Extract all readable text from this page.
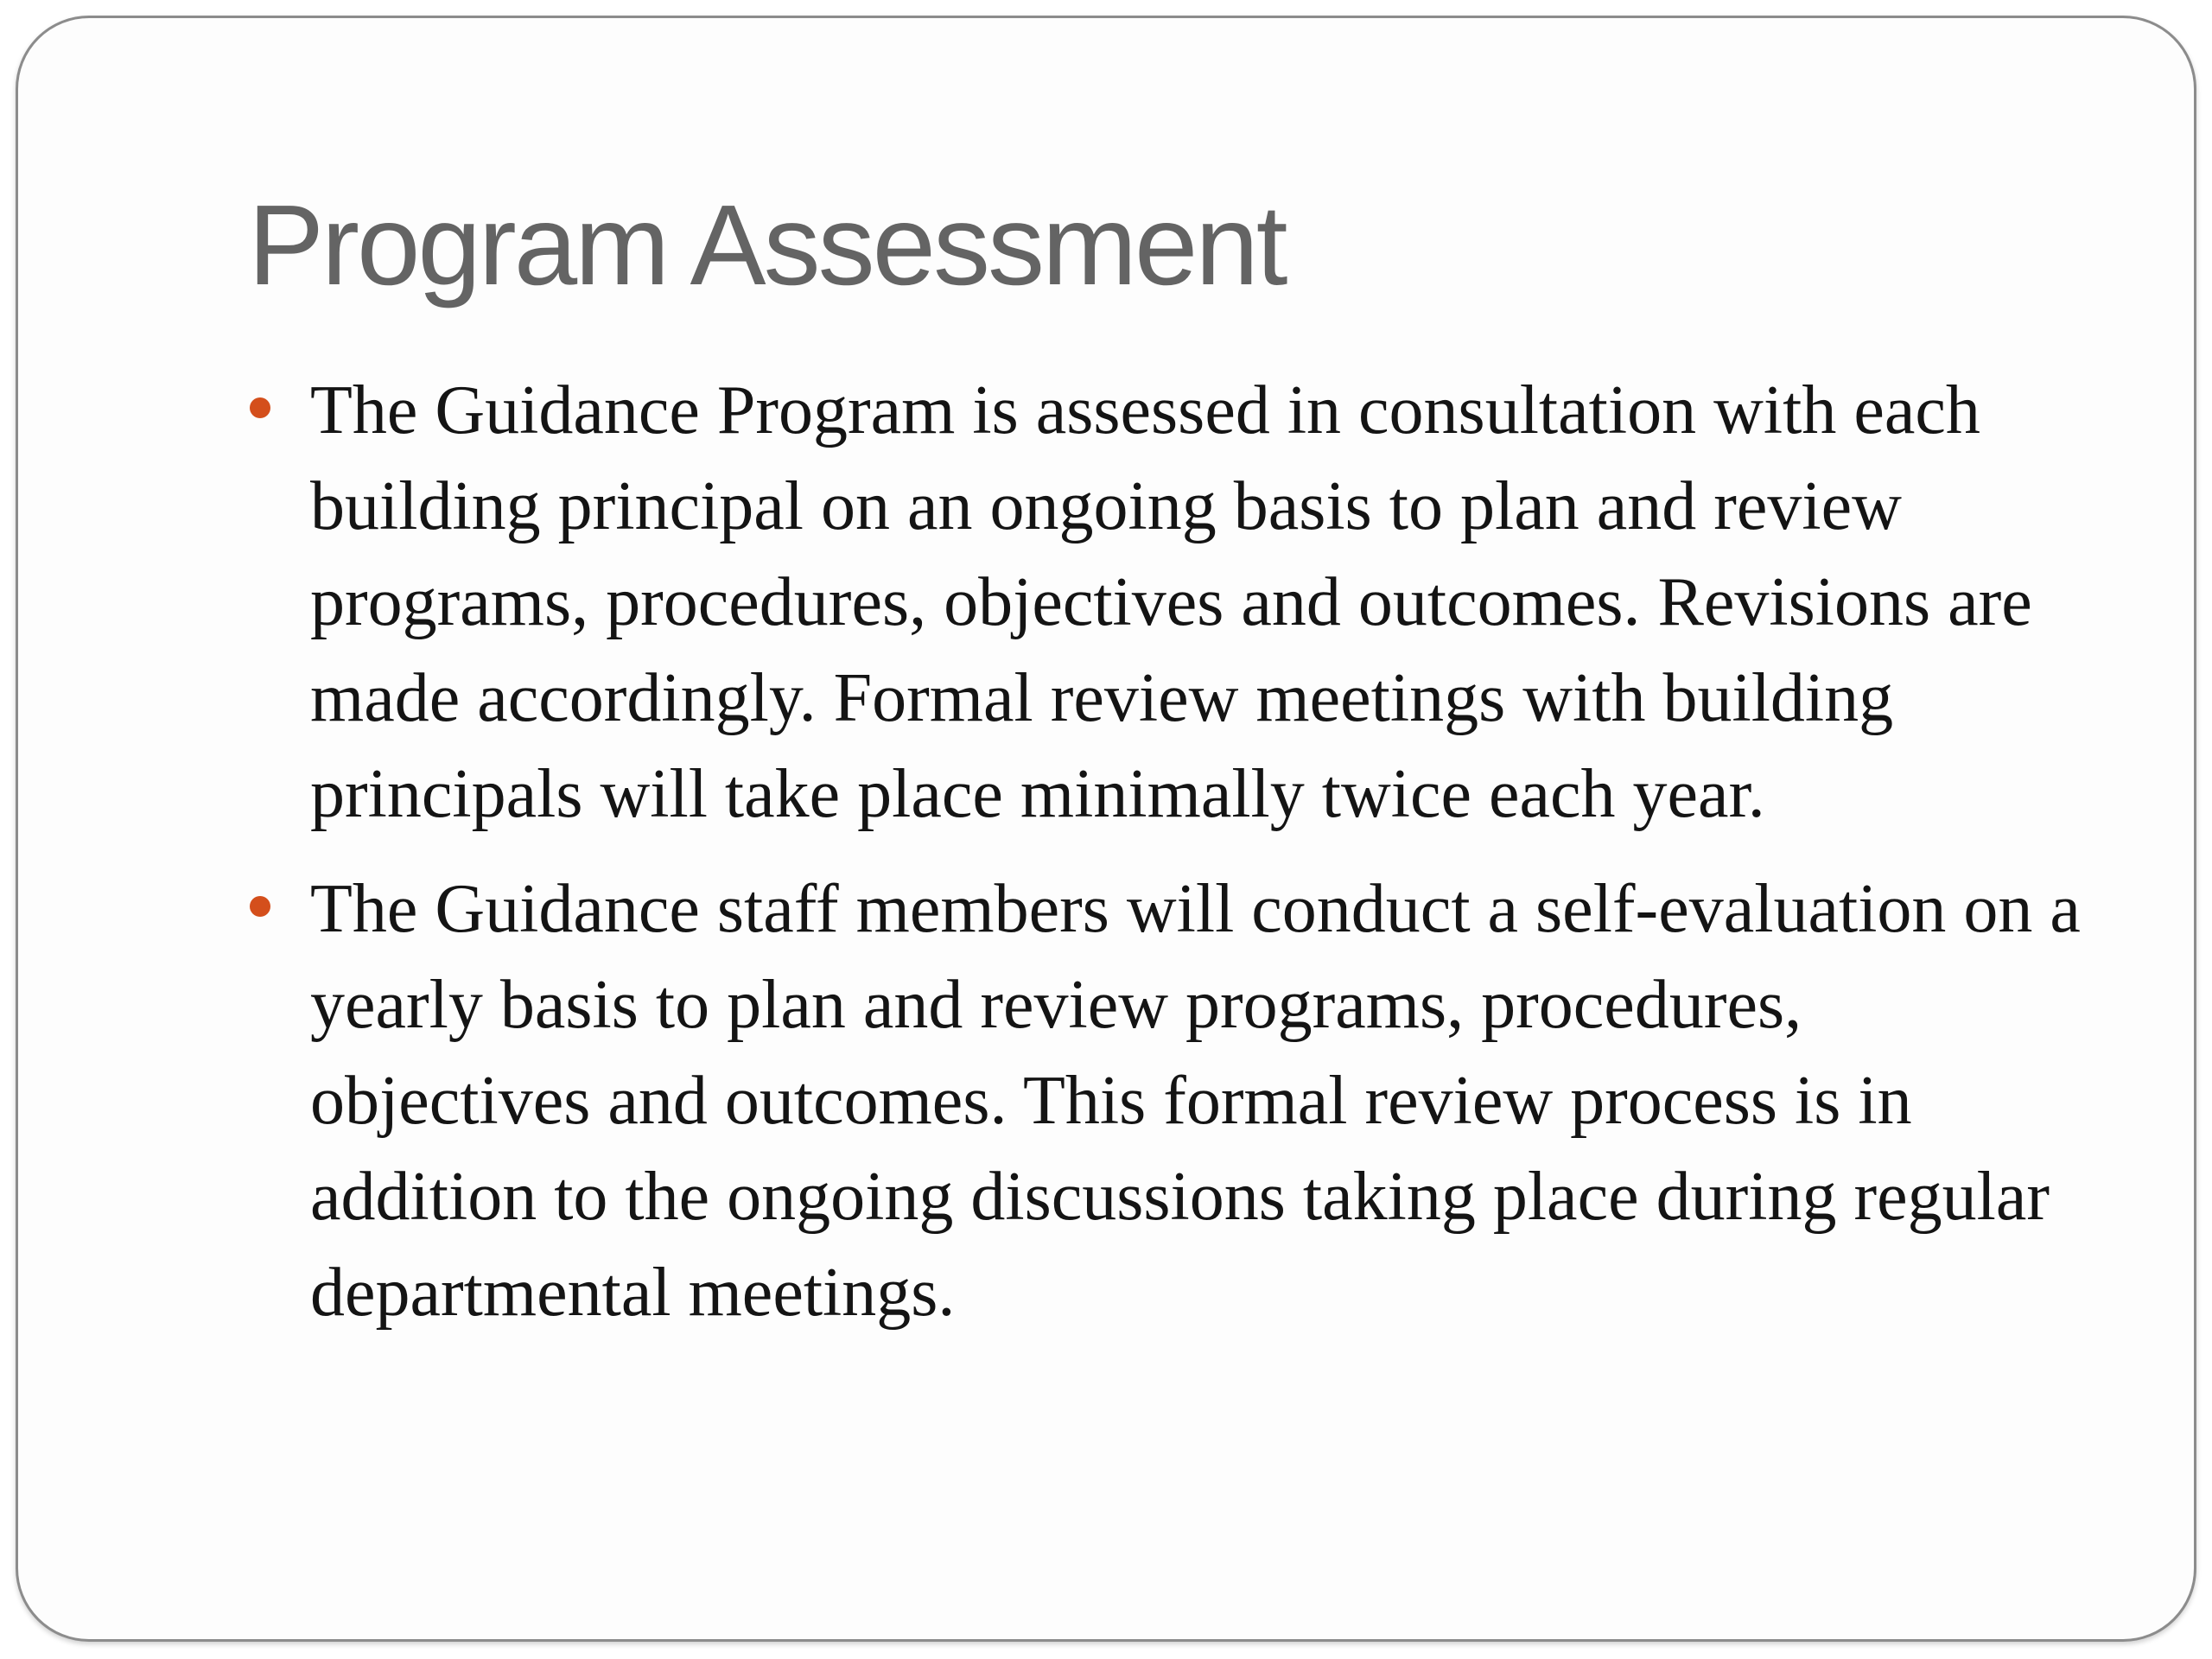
Program Assessment
The Guidance Program is assessed in consultation with each building principal on an ongoing basis to plan and review programs, procedures, objectives and outcomes. Revisions are made accordingly. Formal review meetings with building principals will take place minimally twice each year.
The Guidance staff members will conduct a self-evaluation on a yearly basis to plan and review programs, procedures, objectives and outcomes. This formal review process is in addition to the ongoing discussions taking place during regular departmental meetings.
